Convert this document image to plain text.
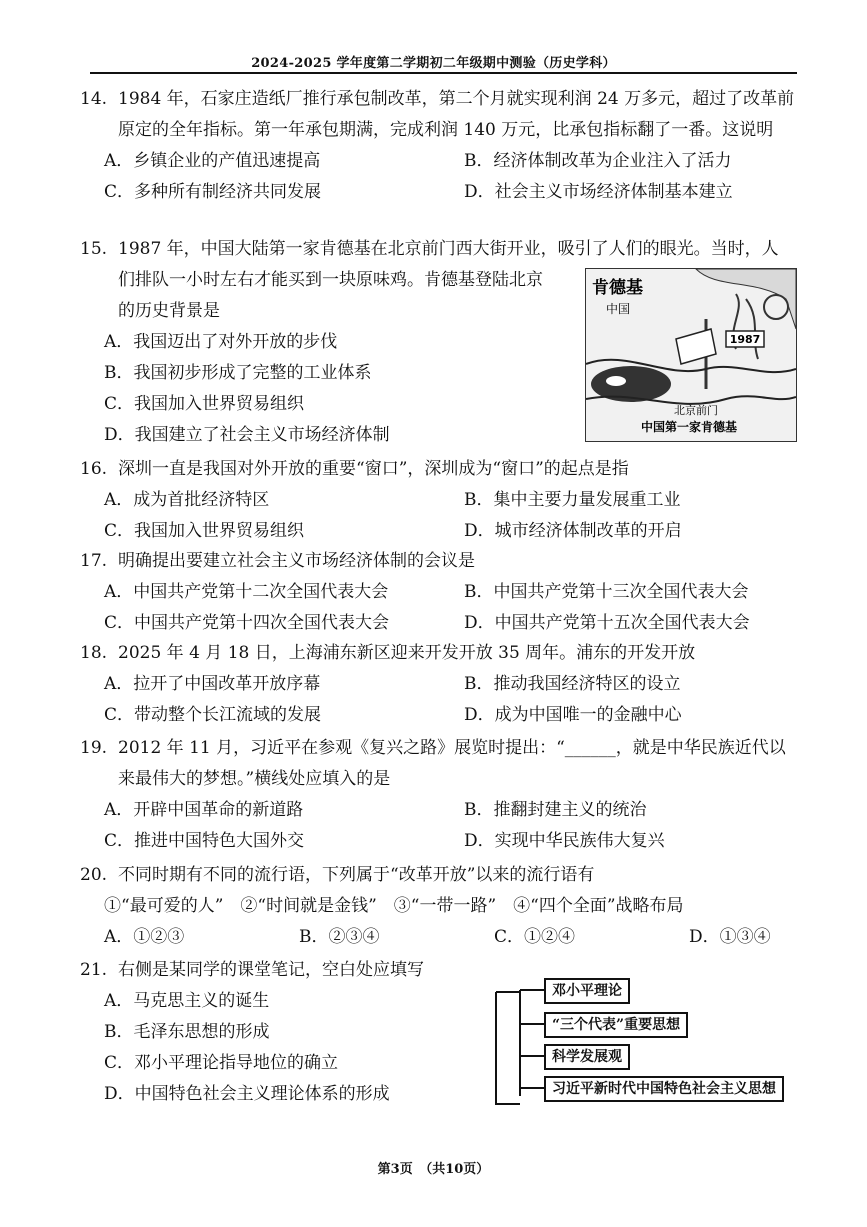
2024-2025 学年度第二学期初二年级期中测验（历史学科）
14. 1984 年，石家庄造纸厂推行承包制改革，第二个月就实现利润 24 万多元，超过了改革前原定的全年指标。第一年承包期满，完成利润 140 万元，比承包指标翻了一番。这说明
A．乡镇企业的产值迅速提高	B．经济体制改革为企业注入了活力
C．多种所有制经济共同发展	D．社会主义市场经济体制基本建立
15. 1987 年，中国大陆第一家肯德基在北京前门西大街开业，吸引了人们的眼光。当时，人
们排队一小时左右才能买到一块原味鸡。肯德基登陆北京
的历史背景是
A．我国迈出了对外开放的步伐
B．我国初步形成了完整的工业体系
C．我国加入世界贸易组织
D．我国建立了社会主义市场经济体制
1987
肯德基
中国
北京前门
中国第一家肯德基
16. 深圳一直是我国对外开放的重要“窗口”，深圳成为“窗口”的起点是指
A．成为首批经济特区	B．集中主要力量发展重工业
C．我国加入世界贸易组织	D．城市经济体制改革的开启
17. 明确提出要建立社会主义市场经济体制的会议是
A．中国共产党第十二次全国代表大会	B．中国共产党第十三次全国代表大会
C．中国共产党第十四次全国代表大会	D．中国共产党第十五次全国代表大会
18. 2025 年 4 月 18 日，上海浦东新区迎来开发开放 35 周年。浦东的开发开放
A．拉开了中国改革开放序幕	B．推动我国经济特区的设立
C．带动整个长江流域的发展	D．成为中国唯一的金融中心
19. 2012 年 11 月，习近平在参观《复兴之路》展览时提出：“______，就是中华民族近代以来最伟大的梦想。”横线处应填入的是
A．开辟中国革命的新道路	B．推翻封建主义的统治
C．推进中国特色大国外交	D．实现中华民族伟大复兴
20. 不同时期有不同的流行语，下列属于“改革开放”以来的流行语有
①“最可爱的人”　②“时间就是金钱”　③“一带一路”　④“四个全面”战略布局
A．①②③	B．②③④	C．①②④	D．①③④
21. 右侧是某同学的课堂笔记，空白处应填写
A．马克思主义的诞生
B．毛泽东思想的形成
C．邓小平理论指导地位的确立
D．中国特色社会主义理论体系的形成
邓小平理论
“三个代表”重要思想
科学发展观
习近平新时代中国特色社会主义思想
第3页　（共10页）
